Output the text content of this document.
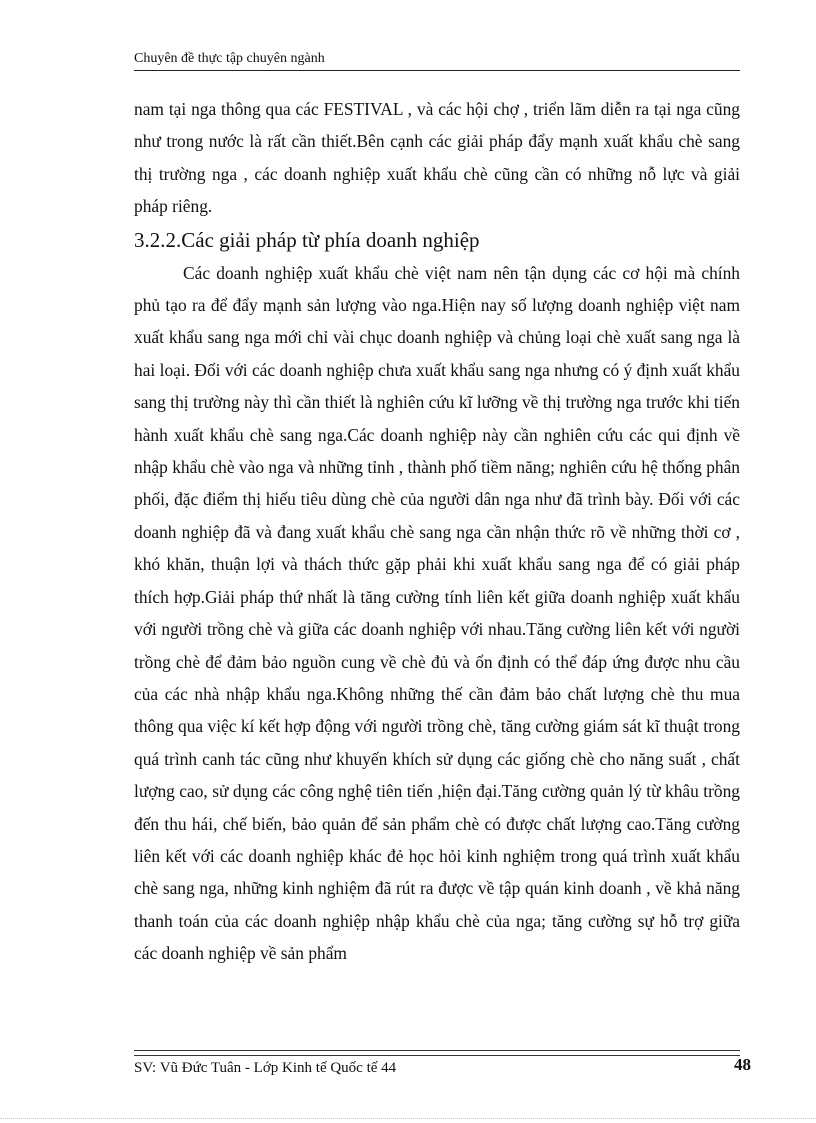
Chuyên đề thực tập chuyên ngành

nam tại nga thông qua các FESTIVAL , và các hội chợ , triển lãm diễn ra tại nga cũng như trong nước là rất cần thiết.Bên cạnh các giải pháp đẩy mạnh xuất khẩu chè sang thị trường nga , các doanh nghiệp xuất khẩu chè cũng cần có những nỗ lực và giải pháp riêng.

3.2.2.Các giải pháp từ phía doanh nghiệp

Các doanh nghiệp xuất khẩu chè việt nam nên tận dụng các cơ hội mà chính phủ tạo ra để đẩy mạnh sản lượng vào nga.Hiện nay số lượng doanh nghiệp việt nam xuất khẩu sang nga mới chỉ vài chục doanh nghiệp và chủng loại chè xuất sang nga là hai loại. Đối với các doanh nghiệp chưa xuất khẩu sang nga nhưng có ý định xuất khẩu sang thị trường này thì cần thiết là nghiên cứu kĩ lưỡng về thị trường nga trước khi tiến hành xuất khẩu chè sang nga.Các doanh nghiệp này cần nghiên cứu các qui định về nhập khẩu chè vào nga và những tỉnh , thành phố tiềm năng; nghiên cứu hệ thống phân phối, đặc điểm thị hiếu tiêu dùng chè của người dân nga như đã trình bày. Đối với các doanh nghiệp đã và đang xuất khẩu chè sang nga cần nhận thức rõ về những thời cơ , khó khăn, thuận lợi và thách thức gặp phải khi xuất khẩu sang nga để có giải pháp thích hợp.Giải pháp thứ nhất là tăng cường tính liên kết giữa doanh nghiệp xuất khẩu với người trồng chè và giữa các doanh nghiệp với nhau.Tăng cường liên kết với người trồng chè để đảm bảo nguồn cung về chè đủ và ổn định có thể đáp ứng được nhu cầu của các nhà nhập khẩu nga.Không những thế cần đảm bảo chất lượng chè thu mua thông qua việc kí kết hợp động với người trồng chè, tăng cường giám sát kĩ thuật trong quá trình canh tác cũng như khuyến khích sử dụng các giống chè cho năng suất , chất lượng cao, sử dụng các công nghệ tiên tiến ,hiện đại.Tăng cường quản lý từ khâu trồng đến thu hái, chế biến, bảo quản để sản phẩm chè có được chất lượng cao.Tăng cường liên kết với các doanh nghiệp khác đẻ học hỏi kinh nghiệm trong quá trình xuất khẩu chè sang nga, những kinh nghiệm đã rút ra được về tập quán kinh doanh , về khả năng thanh toán của các doanh nghiệp nhập khẩu chè của nga; tăng cường sự hỗ trợ giữa các doanh nghiệp về sản phẩm

SV: Vũ Đức Tuân - Lớp Kinh tế Quốc tế 44	48
